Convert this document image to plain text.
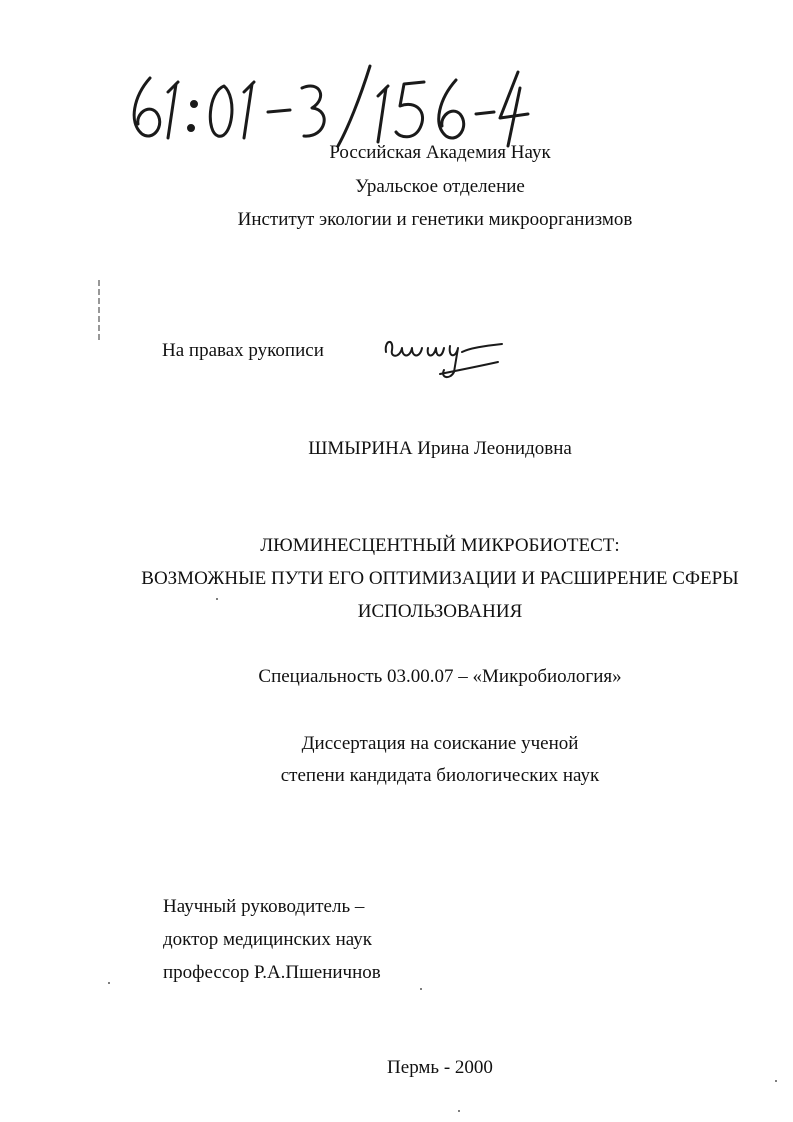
Российская Академия Наук
Уральское отделение
Институт экологии и генетики микроорганизмов
На правах рукописи
ШМЫРИНА Ирина Леонидовна
ЛЮМИНЕСЦЕНТНЫЙ МИКРОБИОТЕСТ:
ВОЗМОЖНЫЕ ПУТИ ЕГО ОПТИМИЗАЦИИ И РАСШИРЕНИЕ СФЕРЫ
ИСПОЛЬЗОВАНИЯ
Специальность 03.00.07 – «Микробиология»
Диссертация на соискание ученой
степени кандидата биологических наук
Научный руководитель –
доктор медицинских наук
профессор Р.А.Пшеничнов
Пермь - 2000
